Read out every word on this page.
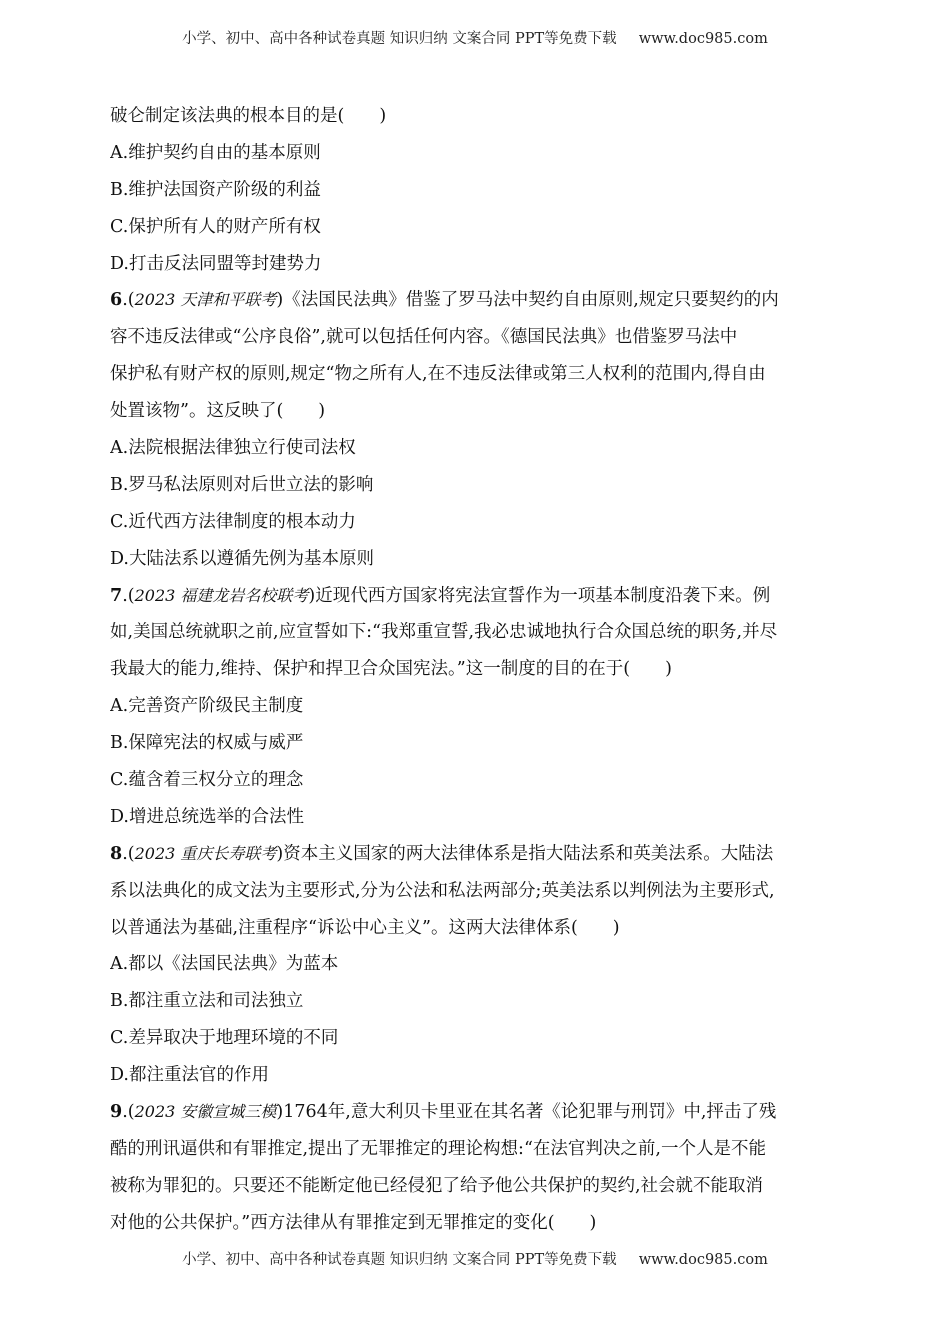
小学、初中、高中各种试卷真题 知识归纳 文案合同 PPT等免费下载 www.doc985.com
破仑制定该法典的根本目的是(　　)
A.维护契约自由的基本原则
B.维护法国资产阶级的利益
C.保护所有人的财产所有权
D.打击反法同盟等封建势力
6.(2023 天津和平联考)《法国民法典》借鉴了罗马法中契约自由原则,规定只要契约的内
容不违反法律或“公序良俗”,就可以包括任何内容。《德国民法典》也借鉴罗马法中
保护私有财产权的原则,规定“物之所有人,在不违反法律或第三人权利的范围内,得自由
处置该物”。这反映了(　　)
A.法院根据法律独立行使司法权
B.罗马私法原则对后世立法的影响
C.近代西方法律制度的根本动力
D.大陆法系以遵循先例为基本原则
7.(2023 福建龙岩名校联考)近现代西方国家将宪法宣誓作为一项基本制度沿袭下来。例
如,美国总统就职之前,应宣誓如下:“我郑重宣誓,我必忠诚地执行合众国总统的职务,并尽
我最大的能力,维持、保护和捍卫合众国宪法。”这一制度的目的在于(　　)
A.完善资产阶级民主制度
B.保障宪法的权威与威严
C.蕴含着三权分立的理念
D.增进总统选举的合法性
8.(2023 重庆长寿联考)资本主义国家的两大法律体系是指大陆法系和英美法系。大陆法
系以法典化的成文法为主要形式,分为公法和私法两部分;英美法系以判例法为主要形式,
以普通法为基础,注重程序“诉讼中心主义”。这两大法律体系(　　)
A.都以《法国民法典》为蓝本
B.都注重立法和司法独立
C.差异取决于地理环境的不同
D.都注重法官的作用
9.(2023 安徽宣城三模)1764年,意大利贝卡里亚在其名著《论犯罪与刑罚》中,抨击了残
酷的刑讯逼供和有罪推定,提出了无罪推定的理论构想:“在法官判决之前,一个人是不能
被称为罪犯的。只要还不能断定他已经侵犯了给予他公共保护的契约,社会就不能取消
对他的公共保护。”西方法律从有罪推定到无罪推定的变化(　　)
小学、初中、高中各种试卷真题 知识归纳 文案合同 PPT等免费下载 www.doc985.com
